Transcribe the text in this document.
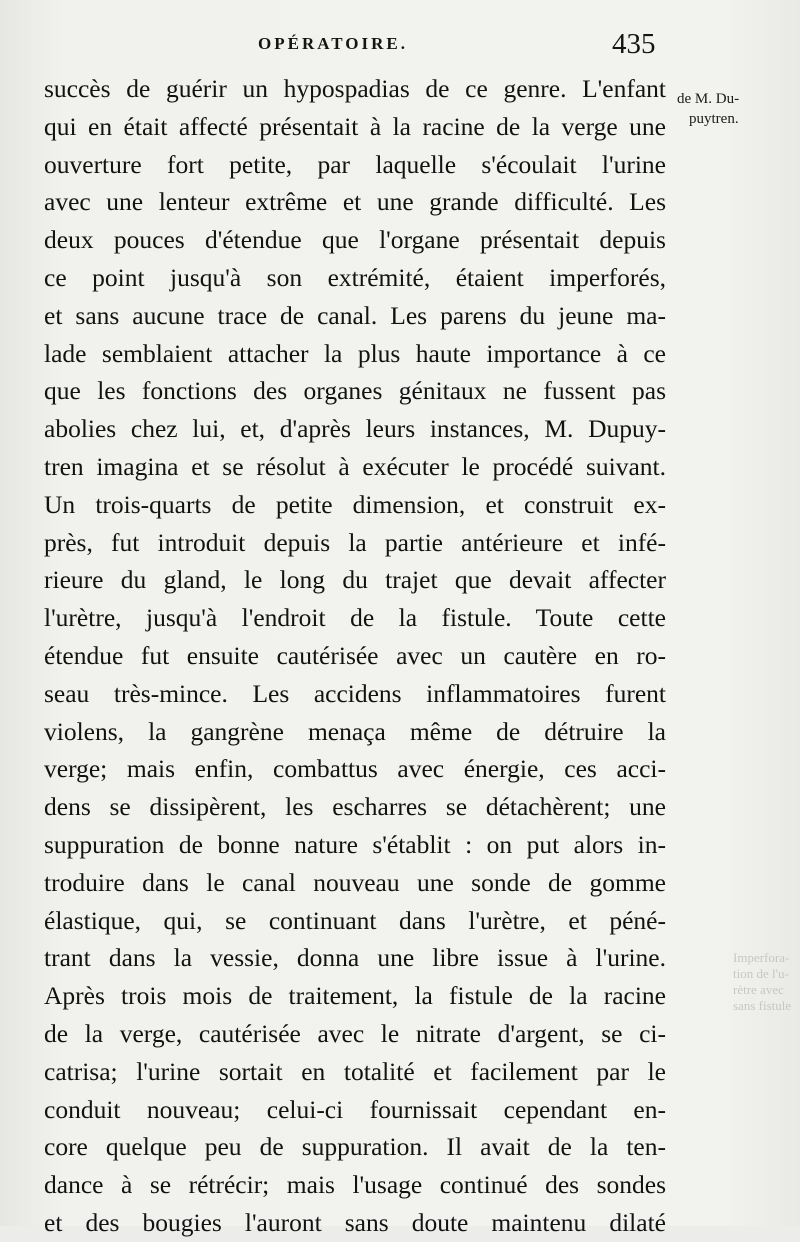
OPÉRATOIRE.	435
de M. Du-
puytren.
Imperfora-
tion de l'u-
rètre avec
sans fistule
succès de guérir un hypospadias de ce genre. L'enfant
qui en était affecté présentait à la racine de la verge une
ouverture fort petite, par laquelle s'écoulait l'urine
avec une lenteur extrême et une grande difficulté. Les
deux pouces d'étendue que l'organe présentait depuis
ce point jusqu'à son extrémité, étaient imperforés,
et sans aucune trace de canal. Les parens du jeune ma-
lade semblaient attacher la plus haute importance à ce
que les fonctions des organes génitaux ne fussent pas
abolies chez lui, et, d'après leurs instances, M. Dupuy-
tren imagina et se résolut à exécuter le procédé suivant.
Un trois-quarts de petite dimension, et construit ex-
près, fut introduit depuis la partie antérieure et infé-
rieure du gland, le long du trajet que devait affecter
l'urètre, jusqu'à l'endroit de la fistule. Toute cette
étendue fut ensuite cautérisée avec un cautère en ro-
seau très-mince. Les accidens inflammatoires furent
violens, la gangrène menaça même de détruire la
verge; mais enfin, combattus avec énergie, ces acci-
dens se dissipèrent, les escharres se détachèrent; une
suppuration de bonne nature s'établit : on put alors in-
troduire dans le canal nouveau une sonde de gomme
élastique, qui, se continuant dans l'urètre, et péné-
trant dans la vessie, donna une libre issue à l'urine.
Après trois mois de traitement, la fistule de la racine
de la verge, cautérisée avec le nitrate d'argent, se ci-
catrisa; l'urine sortait en totalité et facilement par le
conduit nouveau; celui-ci fournissait cependant en-
core quelque peu de suppuration. Il avait de la ten-
dance à se rétrécir; mais l'usage continué des sondes
et des bougies l'auront sans doute maintenu dilaté
